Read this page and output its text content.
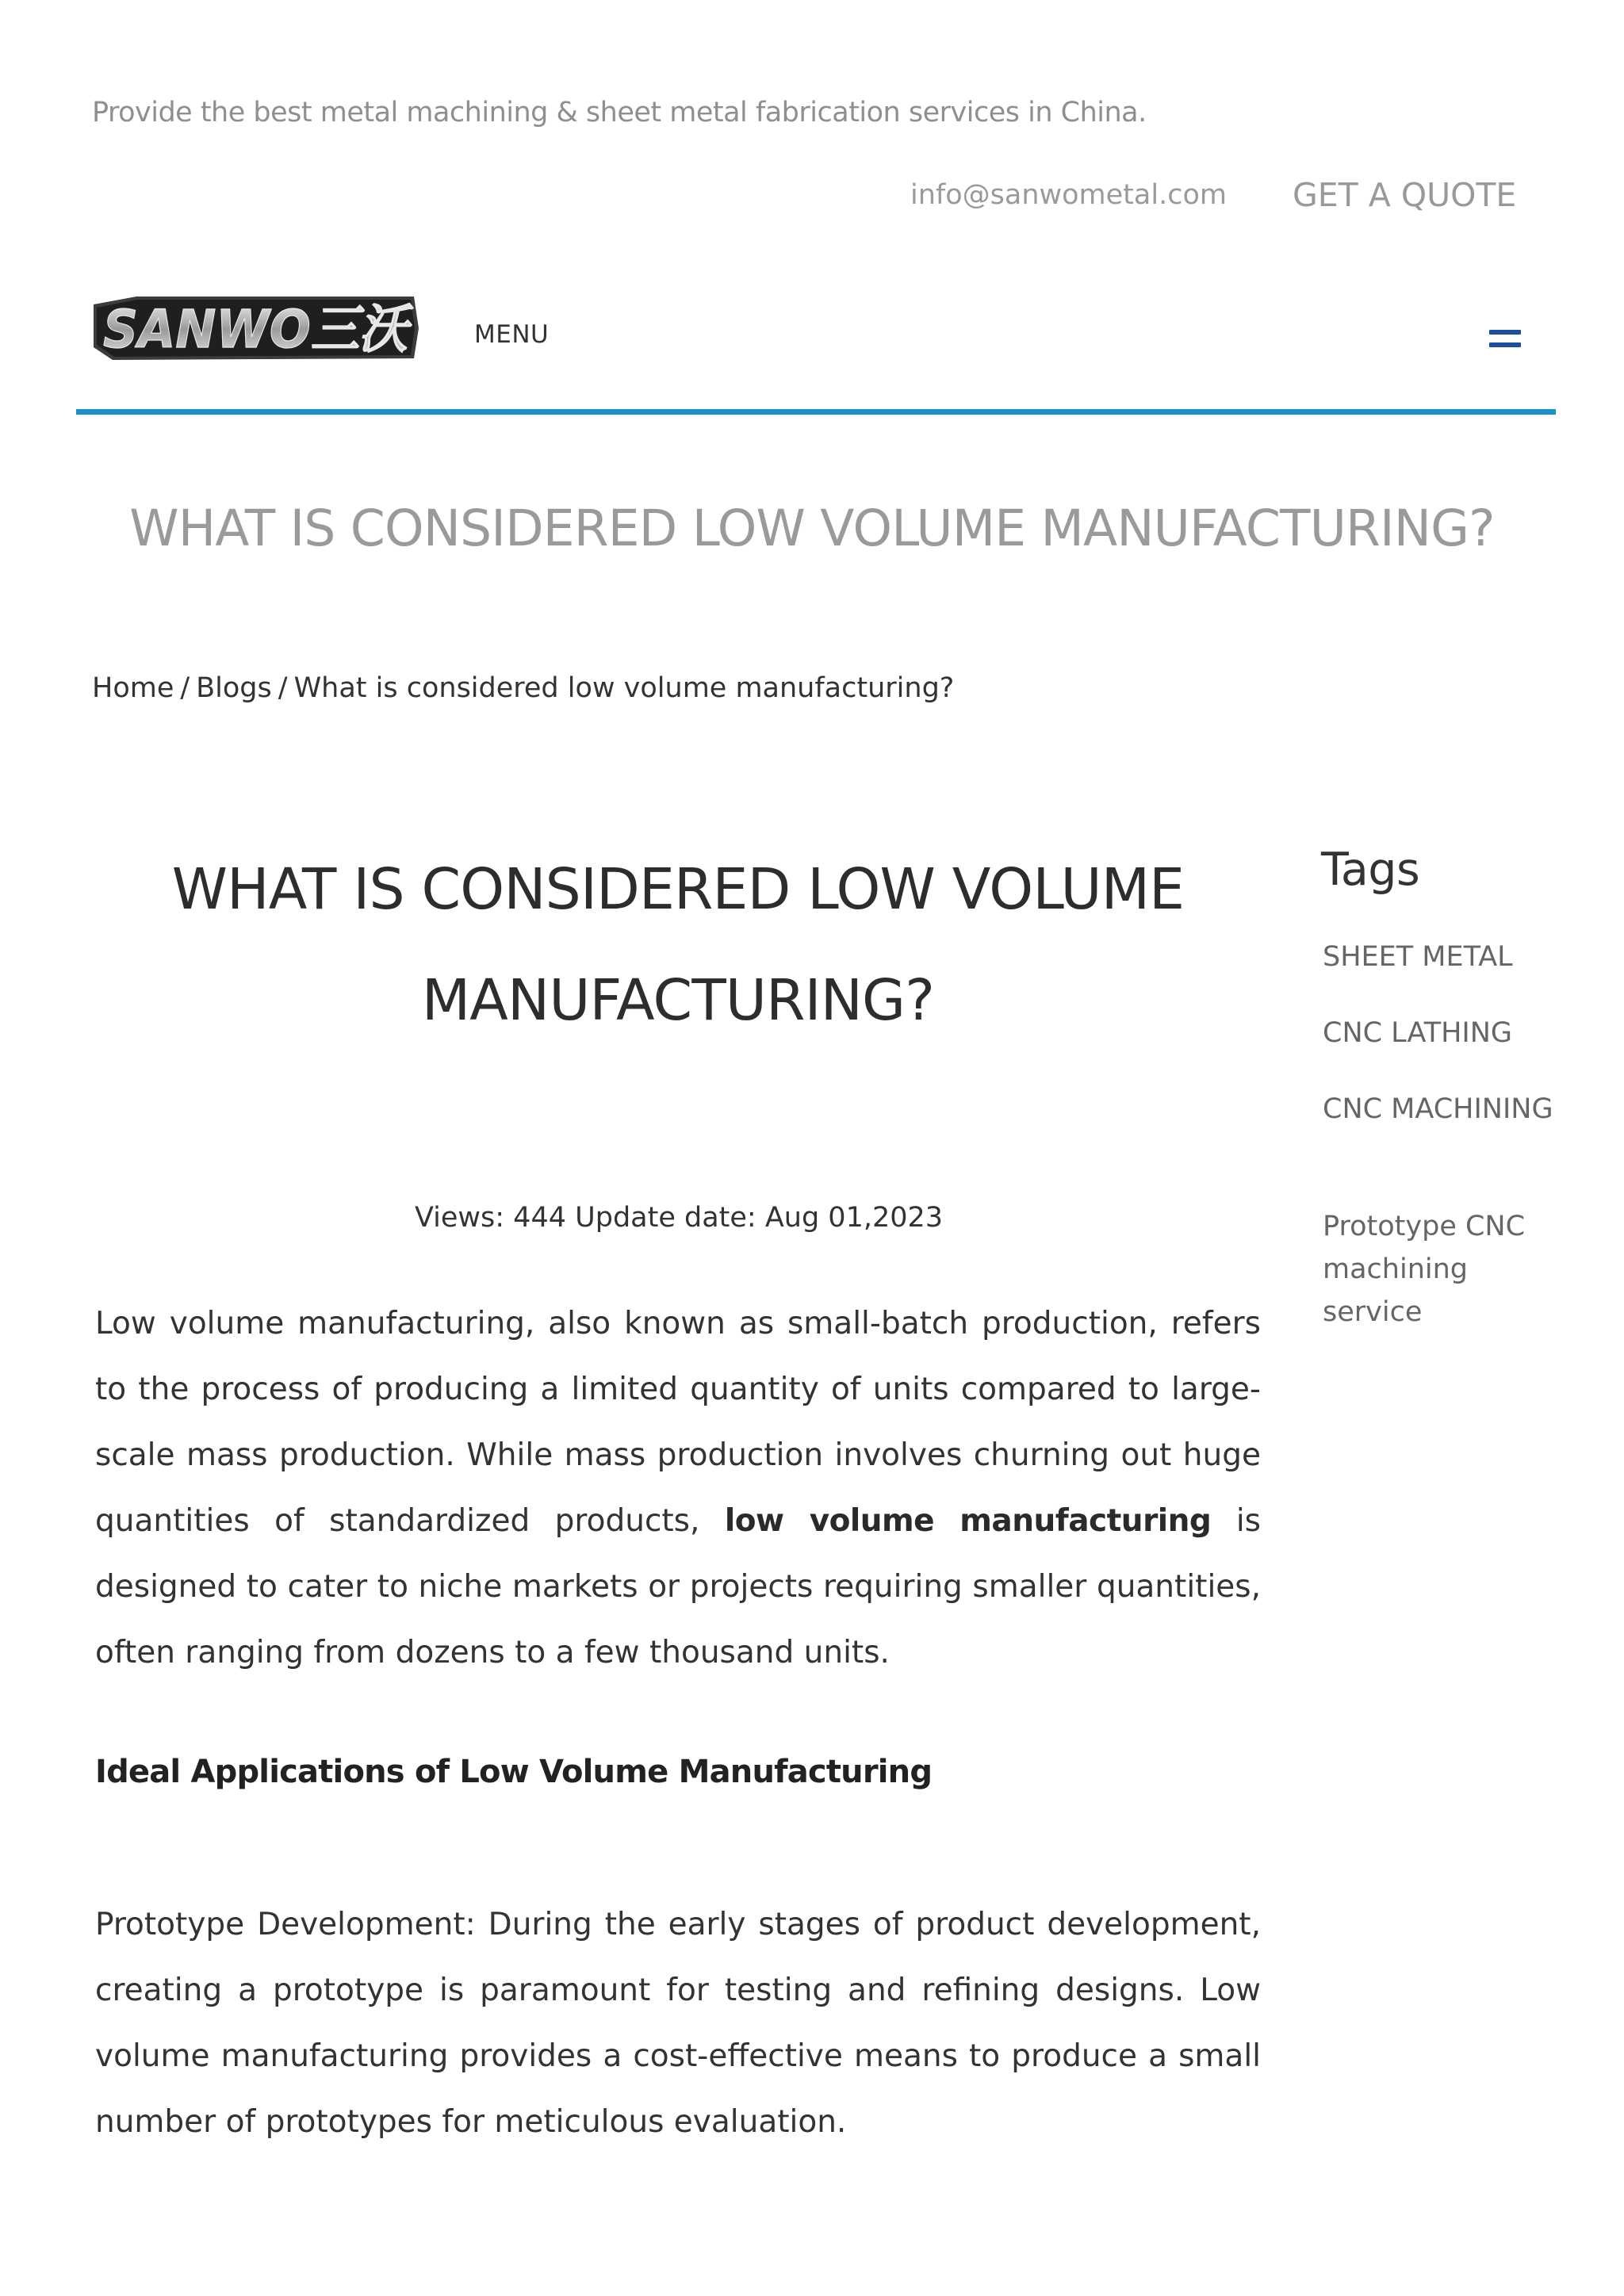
Provide the best metal machining & sheet metal fabrication services in China.
info@sanwometal.com GET A QUOTE
SANWO三沃 MENU
WHAT IS CONSIDERED LOW VOLUME MANUFACTURING?
Home / Blogs / What is considered low volume manufacturing?
WHAT IS CONSIDERED LOW VOLUME MANUFACTURING?
Views: 444 Update date: Aug 01,2023

Low volume manufacturing, also known as small-batch production, refers to the process of producing a limited quantity of units compared to large-scale mass production. While mass production involves churning out huge quantities of standardized products, low volume manufacturing is designed to cater to niche markets or projects requiring smaller quantities, often ranging from dozens to a few thousand units.

Ideal Applications of Low Volume Manufacturing

Prototype Development: During the early stages of product development, creating a prototype is paramount for testing and refining designs. Low volume manufacturing provides a cost-effective means to produce a small number of prototypes for meticulous evaluation.

Tags
SHEET METAL
CNC LATHING
CNC MACHINING
Prototype CNC machining service
